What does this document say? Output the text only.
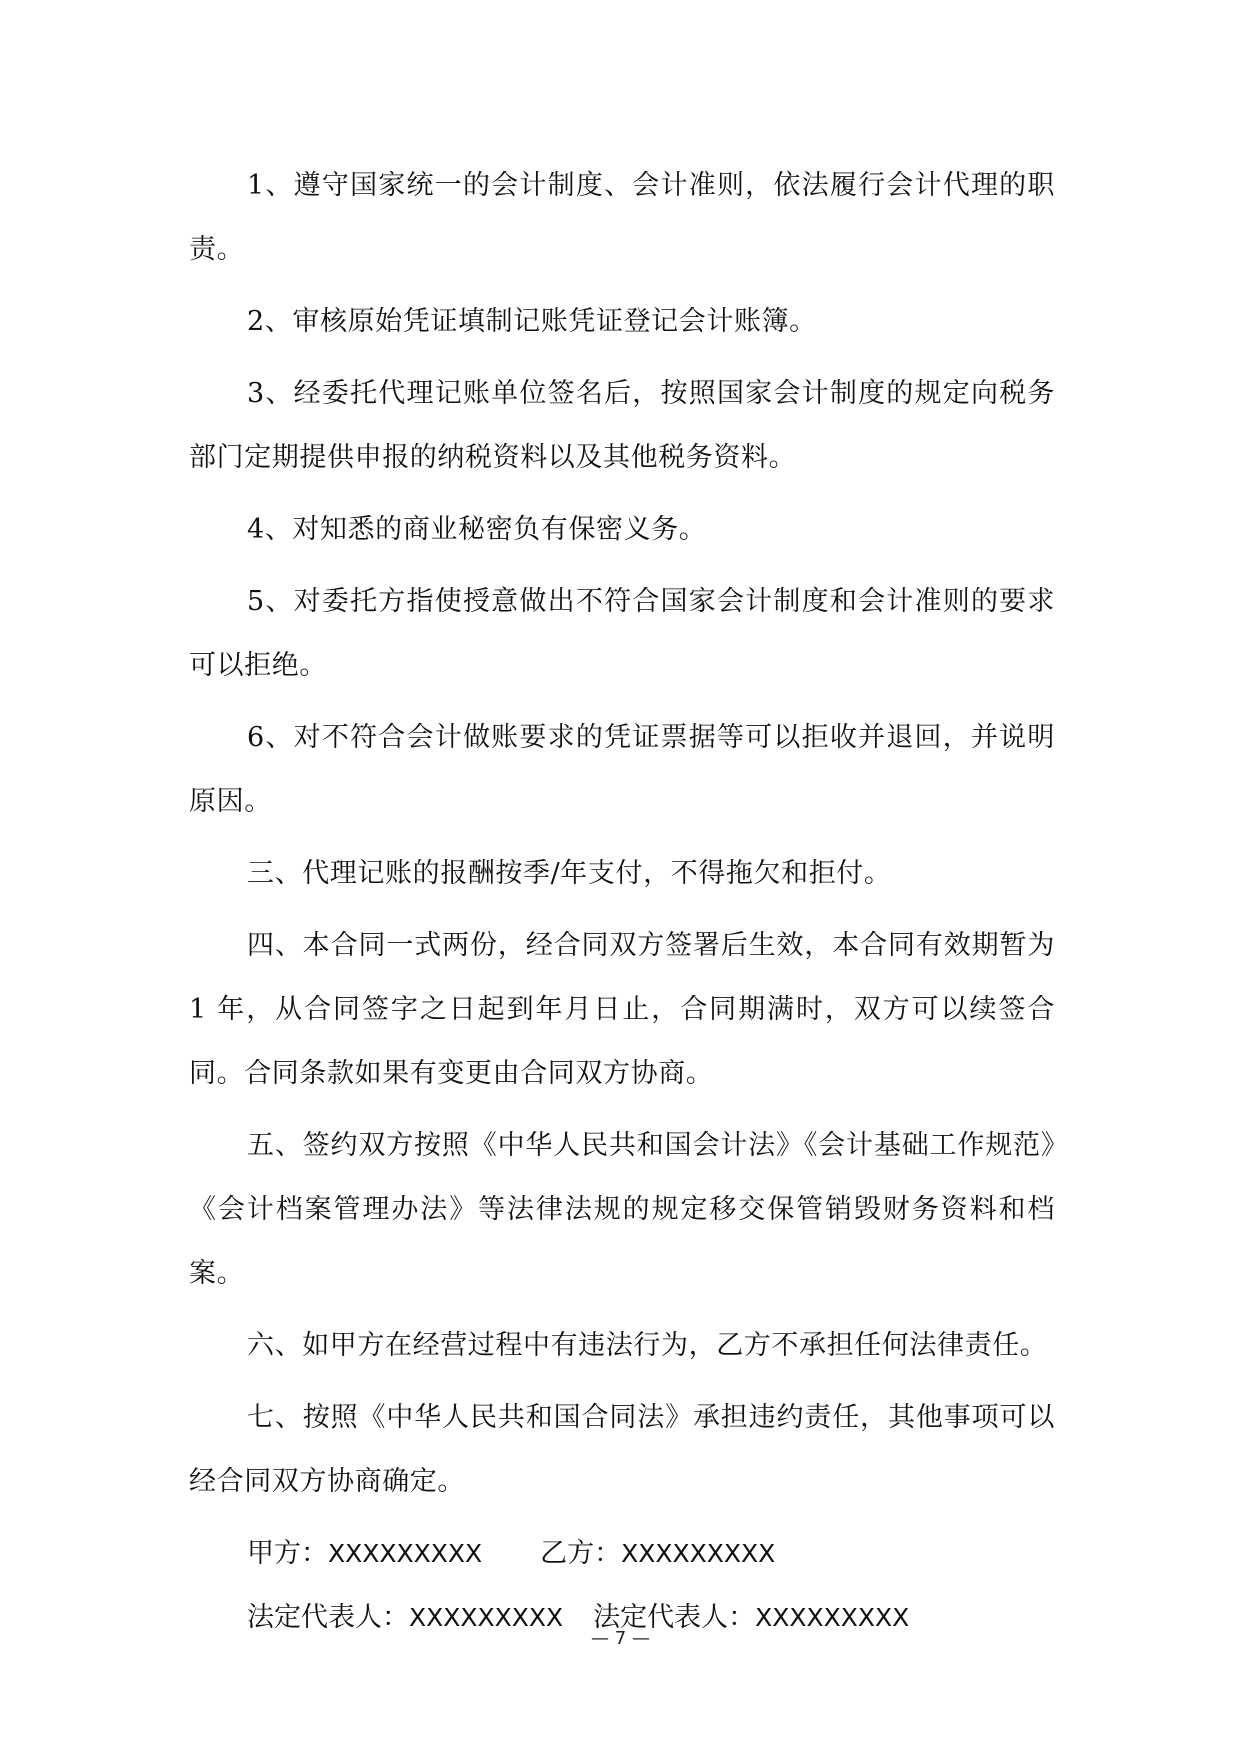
1、遵守国家统一的会计制度、会计准则，依法履行会计代理的职责。

2、审核原始凭证填制记账凭证登记会计账簿。

3、经委托代理记账单位签名后，按照国家会计制度的规定向税务部门定期提供申报的纳税资料以及其他税务资料。

4、对知悉的商业秘密负有保密义务。

5、对委托方指使授意做出不符合国家会计制度和会计准则的要求可以拒绝。

6、对不符合会计做账要求的凭证票据等可以拒收并退回，并说明原因。

三、代理记账的报酬按季/年支付，不得拖欠和拒付。

四、本合同一式两份，经合同双方签署后生效，本合同有效期暂为 1 年，从合同签字之日起到年月日止，合同期满时，双方可以续签合同。合同条款如果有变更由合同双方协商。

五、签约双方按照《中华人民共和国会计法》《会计基础工作规范》《会计档案管理办法》等法律法规的规定移交保管销毁财务资料和档案。

六、如甲方在经营过程中有违法行为，乙方不承担任何法律责任。

七、按照《中华人民共和国合同法》承担违约责任，其他事项可以经合同双方协商确定。

甲方：XXXXXXXXX 乙方：XXXXXXXXX

法定代表人：XXXXXXXXX 法定代表人：XXXXXXXXX

— 7 —
